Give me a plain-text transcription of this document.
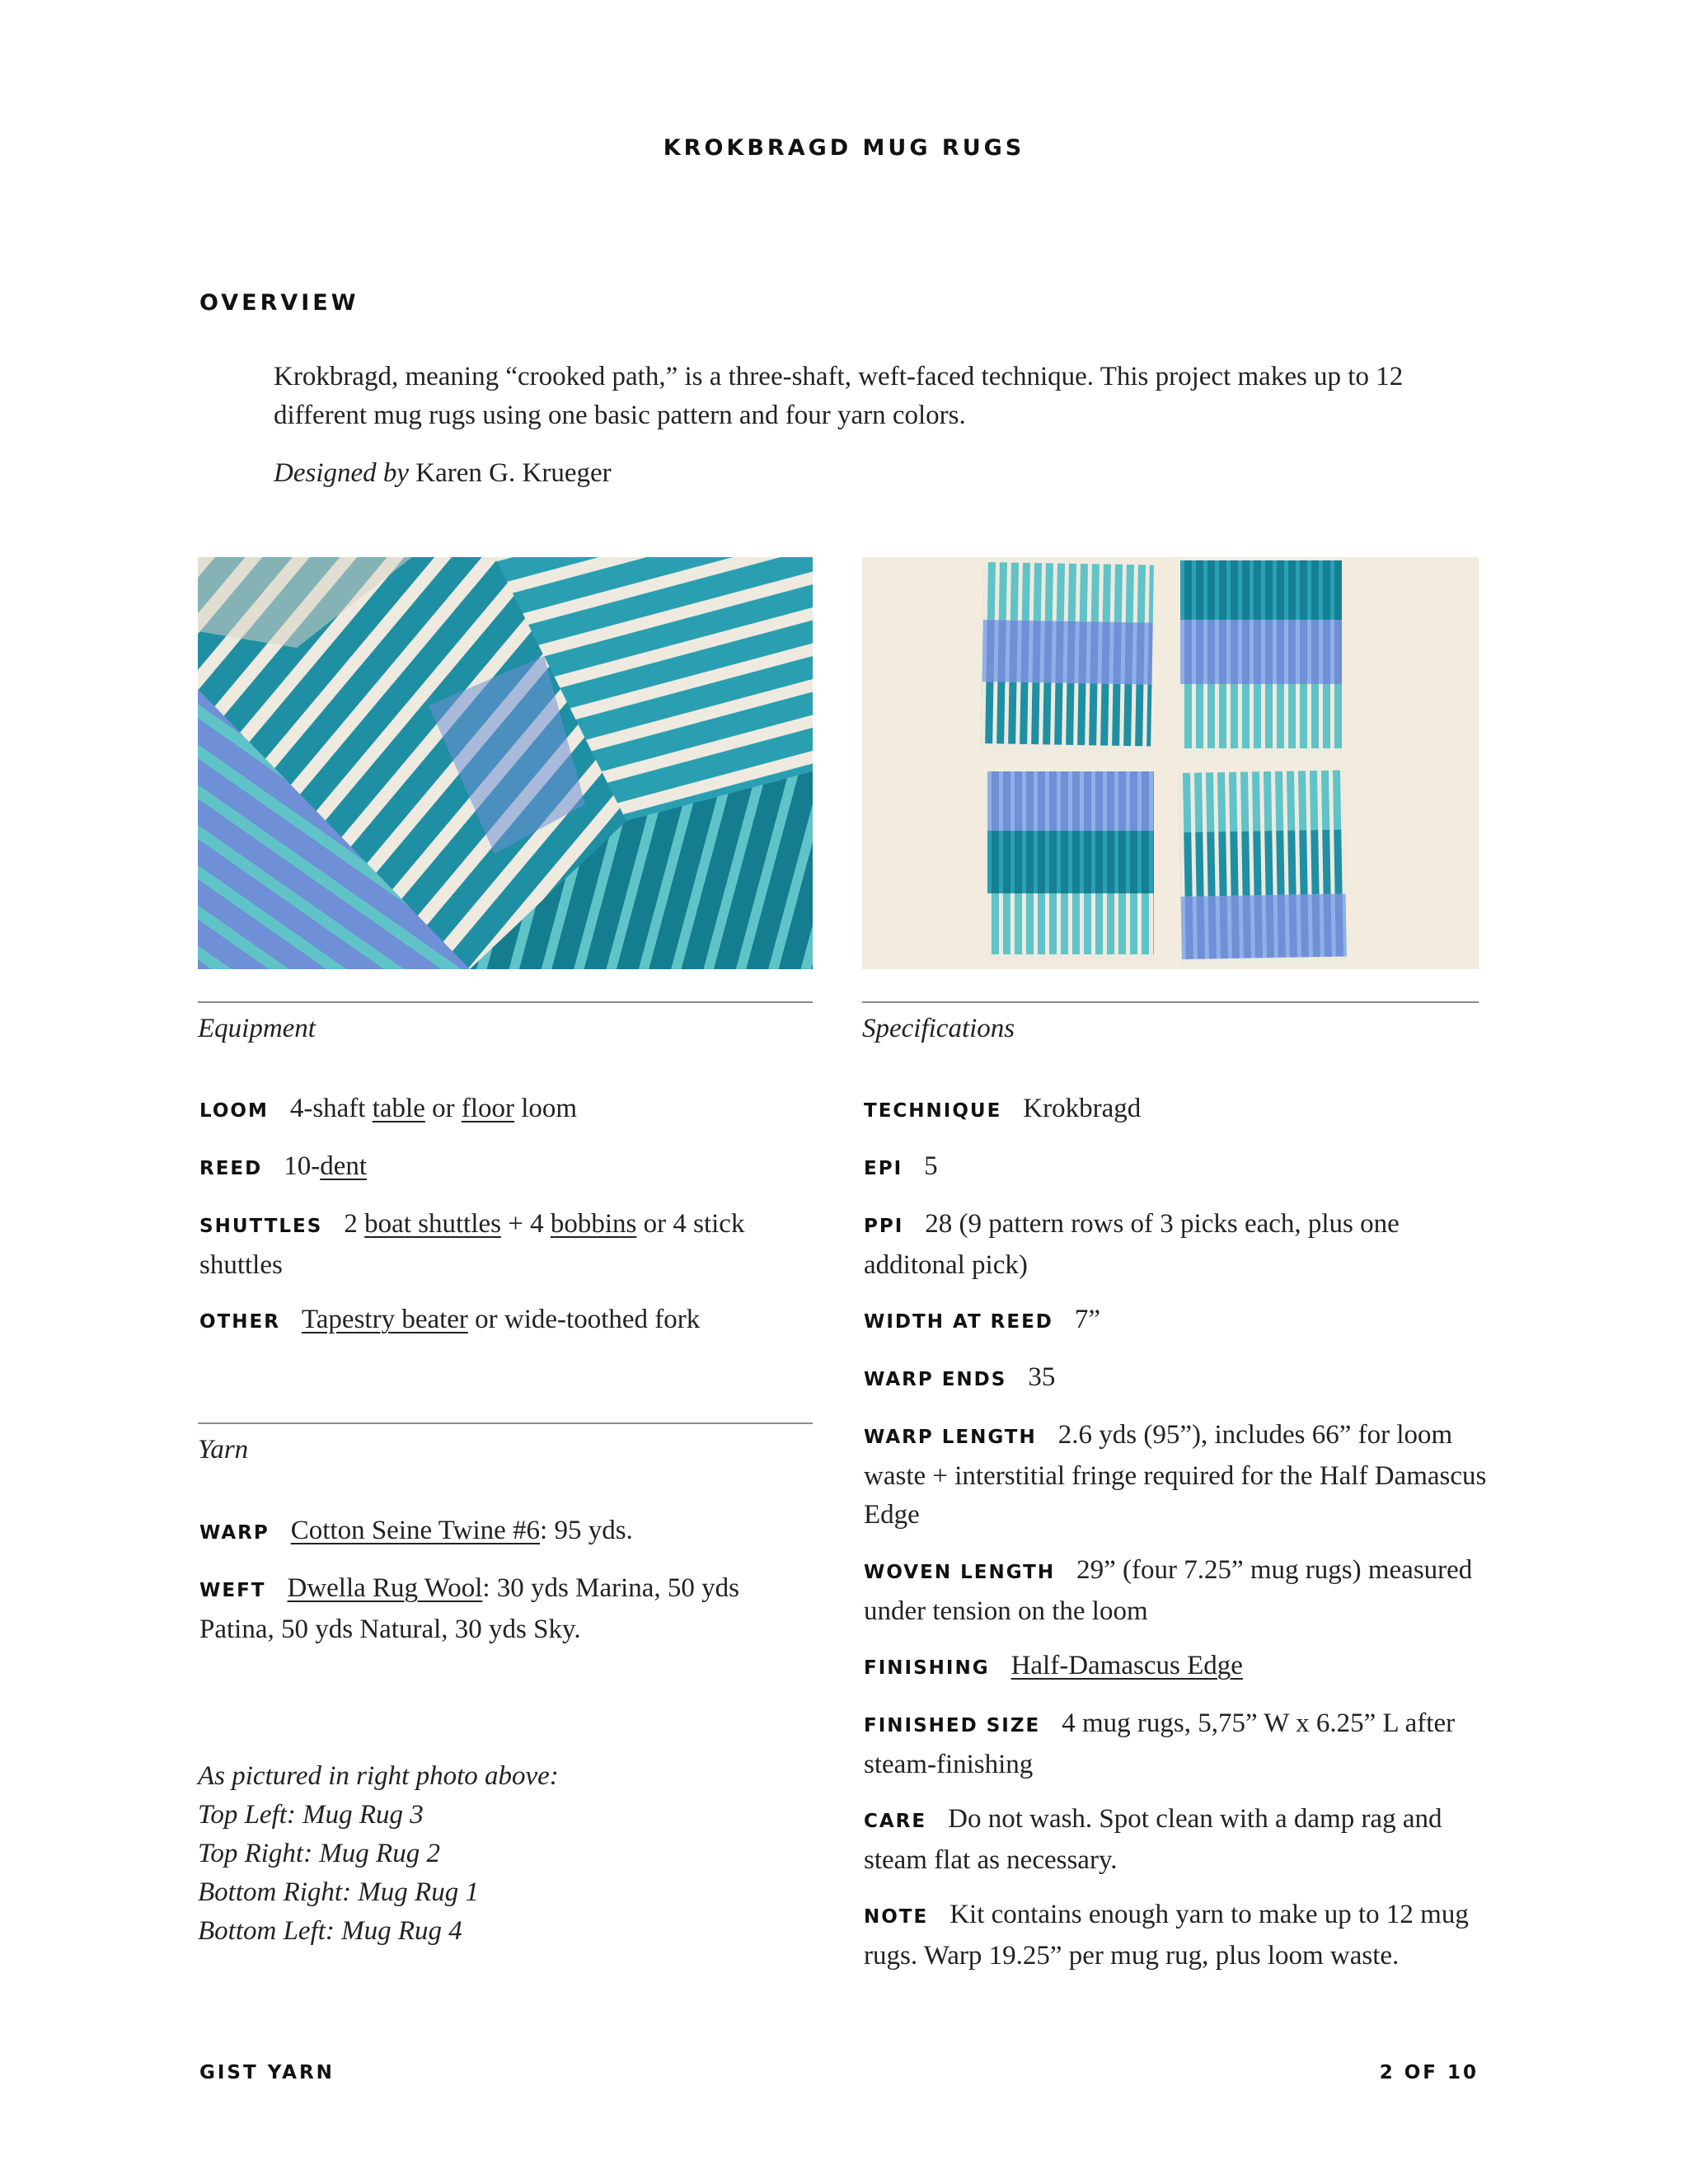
KROKBRAGD MUG RUGS
OVERVIEW

Krokbragd, meaning “crooked path,” is a three-shaft, weft-faced technique. This project makes up to 12 different mug rugs using one basic pattern and four yarn colors.

Designed by Karen G. Krueger

Equipment
LOOM 4-shaft table or floor loom
REED 10-dent
SHUTTLES 2 boat shuttles + 4 bobbins or 4 stick shuttles
OTHER Tapestry beater or wide-toothed fork
Yarn
WARP Cotton Seine Twine #6: 95 yds.
WEFT Dwella Rug Wool: 30 yds Marina, 50 yds Patina, 50 yds Natural, 30 yds Sky.
As pictured in right photo above:
Top Left: Mug Rug 3
Top Right: Mug Rug 2
Bottom Right: Mug Rug 1
Bottom Left: Mug Rug 4
Specifications
TECHNIQUE Krokbragd
EPI 5
PPI 28 (9 pattern rows of 3 picks each, plus one additonal pick)
WIDTH AT REED 7”
WARP ENDS 35
WARP LENGTH 2.6 yds (95”), includes 66” for loom waste + interstitial fringe required for the Half Damascus Edge
WOVEN LENGTH 29” (four 7.25” mug rugs) measured under tension on the loom
FINISHING Half-Damascus Edge
FINISHED SIZE 4 mug rugs, 5,75” W x 6.25” L after steam-finishing
CARE Do not wash. Spot clean with a damp rag and steam flat as necessary.
NOTE Kit contains enough yarn to make up to 12 mug rugs. Warp 19.25” per mug rug, plus loom waste.
GIST YARN	2 OF 10
